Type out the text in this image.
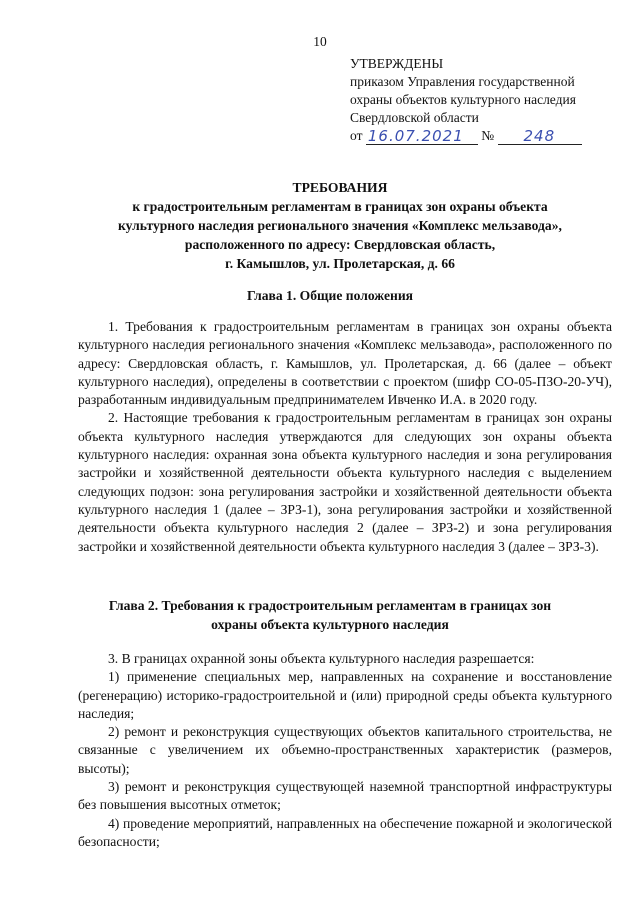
10
УТВЕРЖДЕНЫ
приказом Управления государственной
охраны объектов культурного наследия
Свердловской области
от 16.07.2021 № 248
ТРЕБОВАНИЯ
к градостроительным регламентам в границах зон охраны объекта
культурного наследия регионального значения «Комплекс мельзавода»,
расположенного по адресу: Свердловская область,
г. Камышлов, ул. Пролетарская, д. 66
Глава 1. Общие положения

1. Требования к градостроительным регламентам в границах зон охраны объекта культурного наследия регионального значения «Комплекс мельзавода», расположенного по адресу: Свердловская область, г. Камышлов, ул. Пролетарская, д. 66 (далее – объект культурного наследия), определены в соответствии с проектом (шифр СО-05-ПЗО-20-УЧ), разработанным индивидуальным предпринимателем Ивченко И.А. в 2020 году.

2. Настоящие требования к градостроительным регламентам в границах зон охраны объекта культурного наследия утверждаются для следующих зон охраны объекта культурного наследия: охранная зона объекта культурного наследия и зона регулирования застройки и хозяйственной деятельности объекта культурного наследия с выделением следующих подзон: зона регулирования застройки и хозяйственной деятельности объекта культурного наследия 1 (далее – ЗРЗ-1), зона регулирования застройки и хозяйственной деятельности объекта культурного наследия 2 (далее – ЗРЗ-2) и зона регулирования застройки и хозяйственной деятельности объекта культурного наследия 3 (далее – ЗРЗ-3).

Глава 2. Требования к градостроительным регламентам в границах зон
охраны объекта культурного наследия

3. В границах охранной зоны объекта культурного наследия разрешается:

1) применение специальных мер, направленных на сохранение и восстановление (регенерацию) историко-градостроительной и (или) природной среды объекта культурного наследия;

2) ремонт и реконструкция существующих объектов капитального строительства, не связанные с увеличением их объемно-пространственных характеристик (размеров, высоты);

3) ремонт и реконструкция существующей наземной транспортной инфраструктуры без повышения высотных отметок;

4) проведение мероприятий, направленных на обеспечение пожарной и экологической безопасности;
